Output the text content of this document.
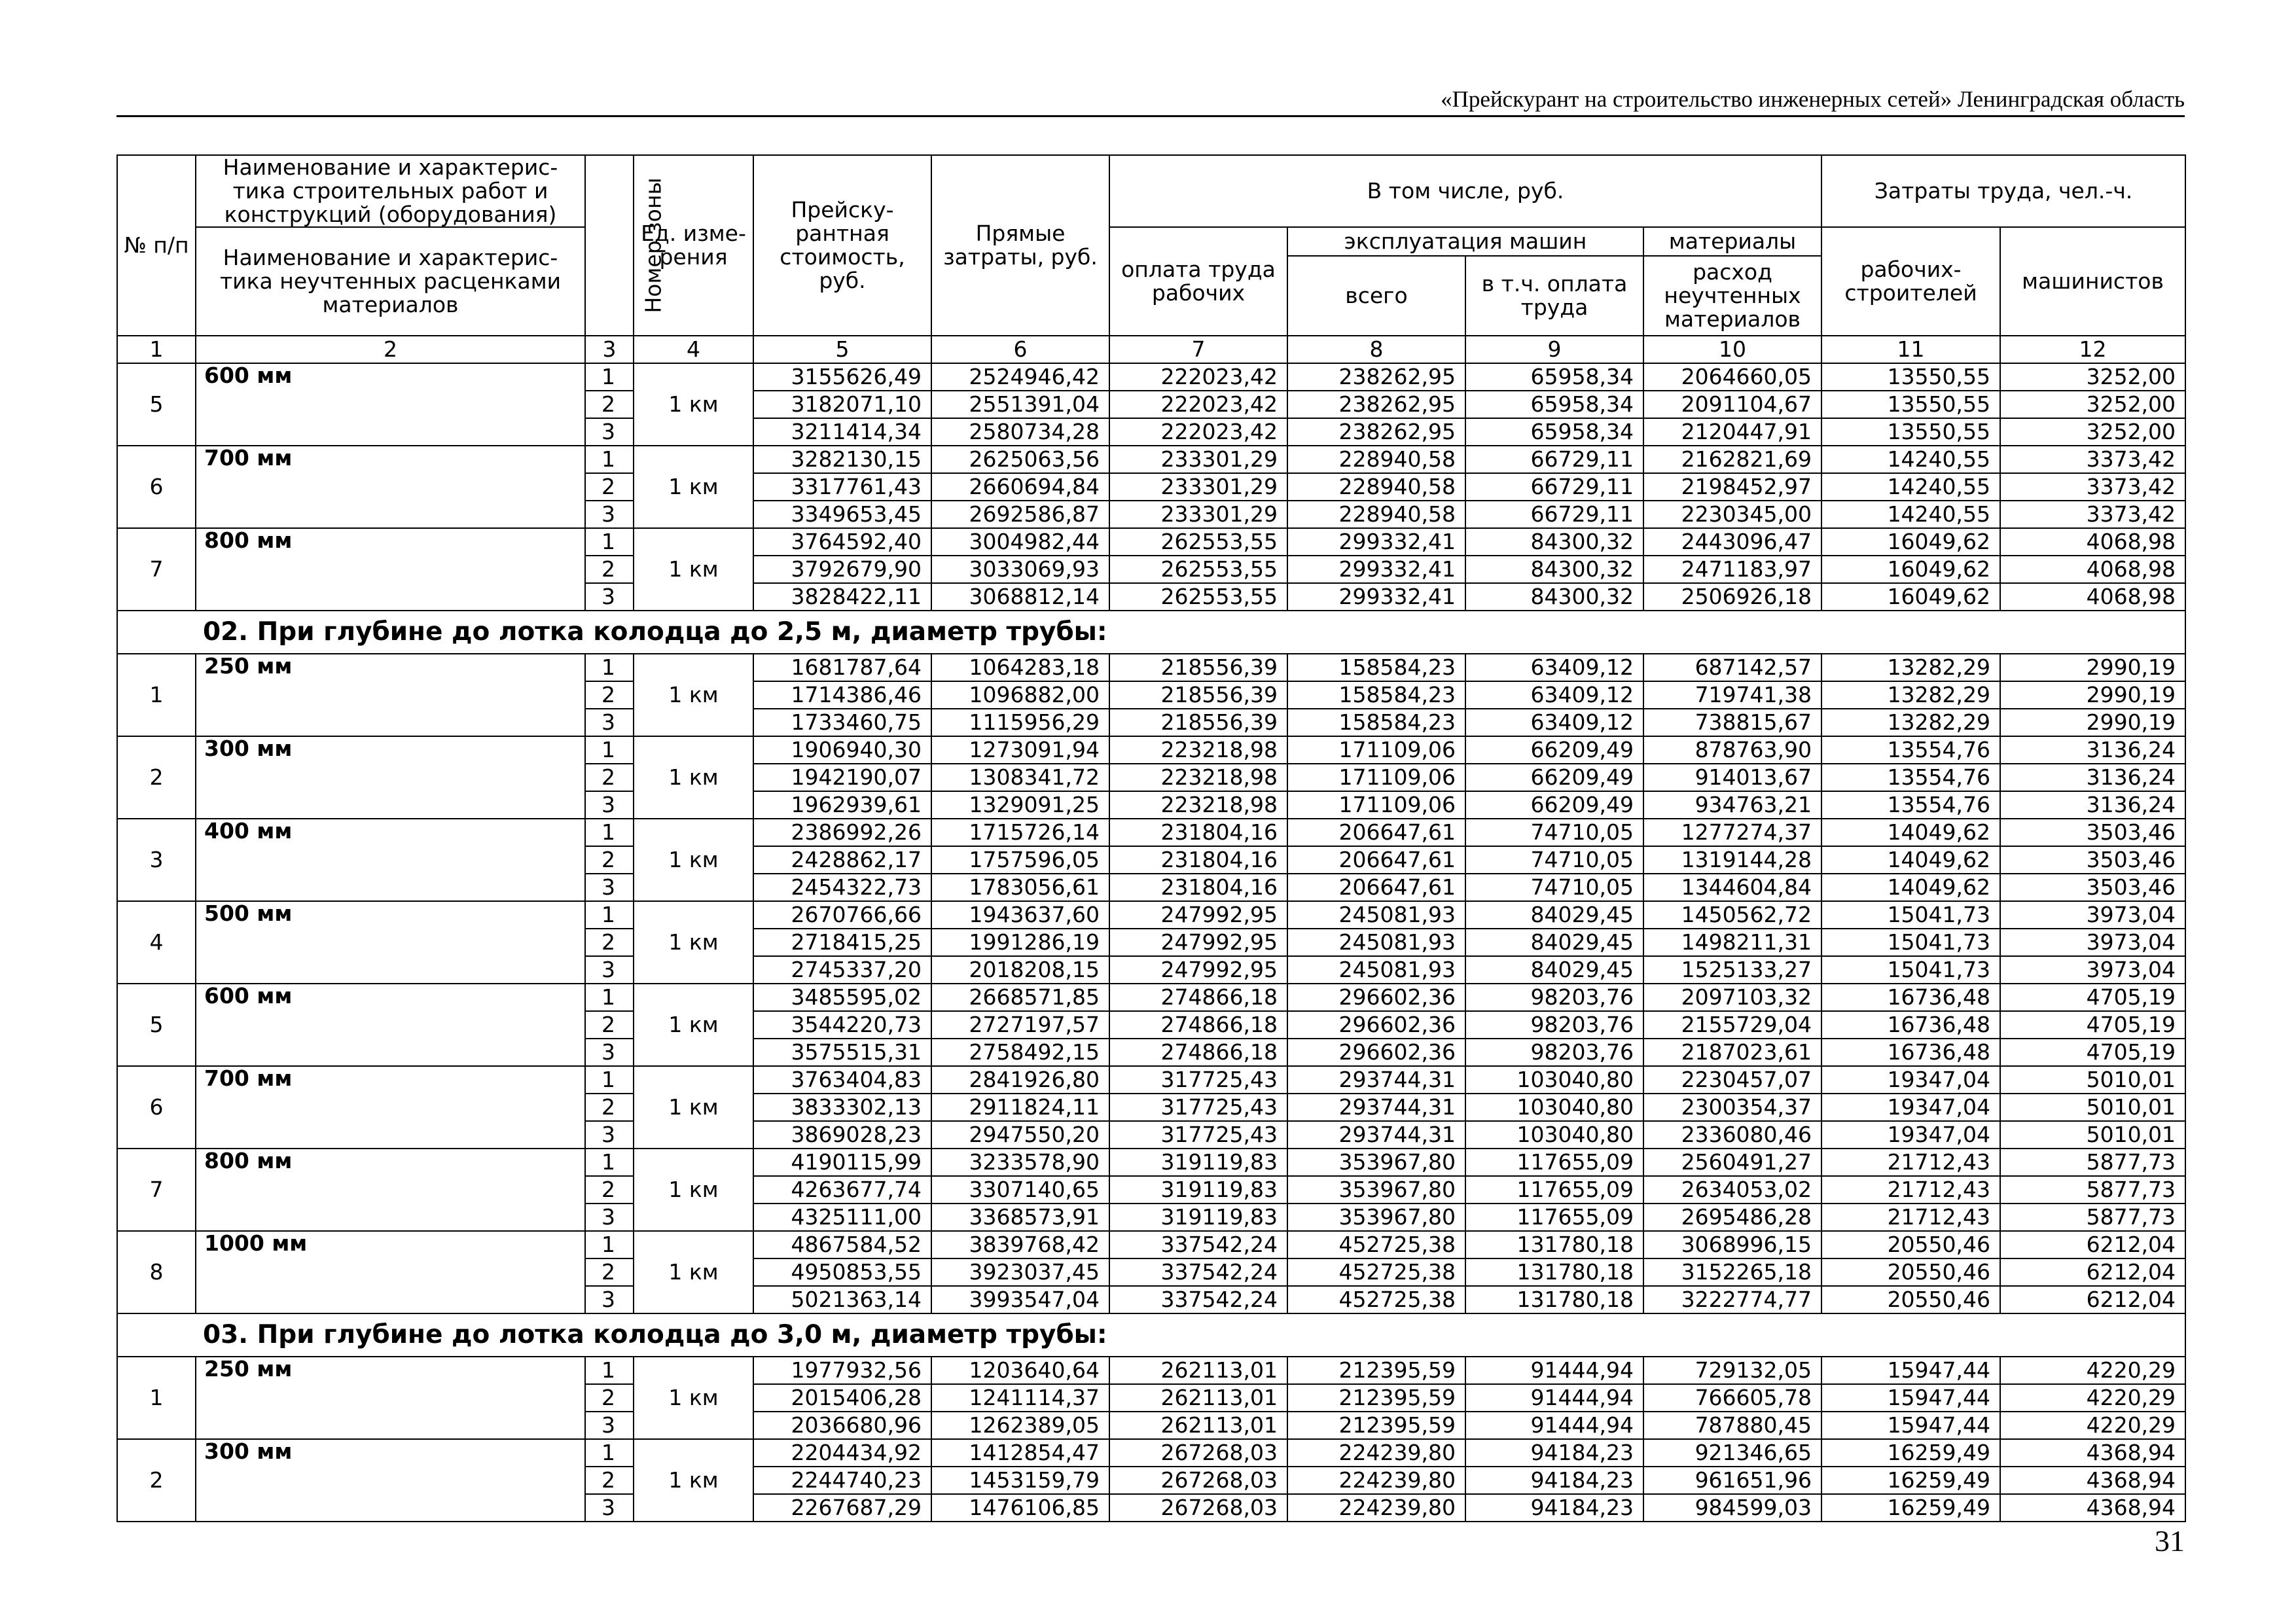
«Прейскурант на строительство инженерных сетей» Ленинградская область
№ п/п	Наименование и характерис-тика строительных работ и конструкций (оборудования)	Номер зоны	Ед. изме-рения	Прейску-рантная стоимость, руб.	Прямые затраты, руб.	В том числе, руб.				Затраты труда, чел.-ч.	
	Наименование и характерис-тика неучтенных расценками материалов					оплата труда рабочих	эксплуатация машин		материалы	рабочих-строителей	машинистов
							всего	в т.ч. оплата труда	расход неучтенных материалов		
1	2	3	4	5	6	7	8	9	10	11	12
5	600 мм	1	1 км	3155626,49	2524946,42	222023,42	238262,95	65958,34	2064660,05	13550,55	3252,00
		2		3182071,10	2551391,04	222023,42	238262,95	65958,34	2091104,67	13550,55	3252,00
		3		3211414,34	2580734,28	222023,42	238262,95	65958,34	2120447,91	13550,55	3252,00
6	700 мм	1	1 км	3282130,15	2625063,56	233301,29	228940,58	66729,11	2162821,69	14240,55	3373,42
		2		3317761,43	2660694,84	233301,29	228940,58	66729,11	2198452,97	14240,55	3373,42
		3		3349653,45	2692586,87	233301,29	228940,58	66729,11	2230345,00	14240,55	3373,42
7	800 мм	1	1 км	3764592,40	3004982,44	262553,55	299332,41	84300,32	2443096,47	16049,62	4068,98
		2		3792679,90	3033069,93	262553,55	299332,41	84300,32	2471183,97	16049,62	4068,98
		3		3828422,11	3068812,14	262553,55	299332,41	84300,32	2506926,18	16049,62	4068,98
02. При глубине до лотка колодца до 2,5 м, диаметр трубы:											
1	250 мм	1	1 км	1681787,64	1064283,18	218556,39	158584,23	63409,12	687142,57	13282,29	2990,19
		2		1714386,46	1096882,00	218556,39	158584,23	63409,12	719741,38	13282,29	2990,19
		3		1733460,75	1115956,29	218556,39	158584,23	63409,12	738815,67	13282,29	2990,19
2	300 мм	1	1 км	1906940,30	1273091,94	223218,98	171109,06	66209,49	878763,90	13554,76	3136,24
		2		1942190,07	1308341,72	223218,98	171109,06	66209,49	914013,67	13554,76	3136,24
		3		1962939,61	1329091,25	223218,98	171109,06	66209,49	934763,21	13554,76	3136,24
3	400 мм	1	1 км	2386992,26	1715726,14	231804,16	206647,61	74710,05	1277274,37	14049,62	3503,46
		2		2428862,17	1757596,05	231804,16	206647,61	74710,05	1319144,28	14049,62	3503,46
		3		2454322,73	1783056,61	231804,16	206647,61	74710,05	1344604,84	14049,62	3503,46
4	500 мм	1	1 км	2670766,66	1943637,60	247992,95	245081,93	84029,45	1450562,72	15041,73	3973,04
		2		2718415,25	1991286,19	247992,95	245081,93	84029,45	1498211,31	15041,73	3973,04
		3		2745337,20	2018208,15	247992,95	245081,93	84029,45	1525133,27	15041,73	3973,04
5	600 мм	1	1 км	3485595,02	2668571,85	274866,18	296602,36	98203,76	2097103,32	16736,48	4705,19
		2		3544220,73	2727197,57	274866,18	296602,36	98203,76	2155729,04	16736,48	4705,19
		3		3575515,31	2758492,15	274866,18	296602,36	98203,76	2187023,61	16736,48	4705,19
6	700 мм	1	1 км	3763404,83	2841926,80	317725,43	293744,31	103040,80	2230457,07	19347,04	5010,01
		2		3833302,13	2911824,11	317725,43	293744,31	103040,80	2300354,37	19347,04	5010,01
		3		3869028,23	2947550,20	317725,43	293744,31	103040,80	2336080,46	19347,04	5010,01
7	800 мм	1	1 км	4190115,99	3233578,90	319119,83	353967,80	117655,09	2560491,27	21712,43	5877,73
		2		4263677,74	3307140,65	319119,83	353967,80	117655,09	2634053,02	21712,43	5877,73
		3		4325111,00	3368573,91	319119,83	353967,80	117655,09	2695486,28	21712,43	5877,73
8	1000 мм	1	1 км	4867584,52	3839768,42	337542,24	452725,38	131780,18	3068996,15	20550,46	6212,04
		2		4950853,55	3923037,45	337542,24	452725,38	131780,18	3152265,18	20550,46	6212,04
		3		5021363,14	3993547,04	337542,24	452725,38	131780,18	3222774,77	20550,46	6212,04
03. При глубине до лотка колодца до 3,0 м, диаметр трубы:											
1	250 мм	1	1 км	1977932,56	1203640,64	262113,01	212395,59	91444,94	729132,05	15947,44	4220,29
		2		2015406,28	1241114,37	262113,01	212395,59	91444,94	766605,78	15947,44	4220,29
		3		2036680,96	1262389,05	262113,01	212395,59	91444,94	787880,45	15947,44	4220,29
2	300 мм	1	1 км	2204434,92	1412854,47	267268,03	224239,80	94184,23	921346,65	16259,49	4368,94
		2		2244740,23	1453159,79	267268,03	224239,80	94184,23	961651,96	16259,49	4368,94
		3		2267687,29	1476106,85	267268,03	224239,80	94184,23	984599,03	16259,49	4368,94
31
